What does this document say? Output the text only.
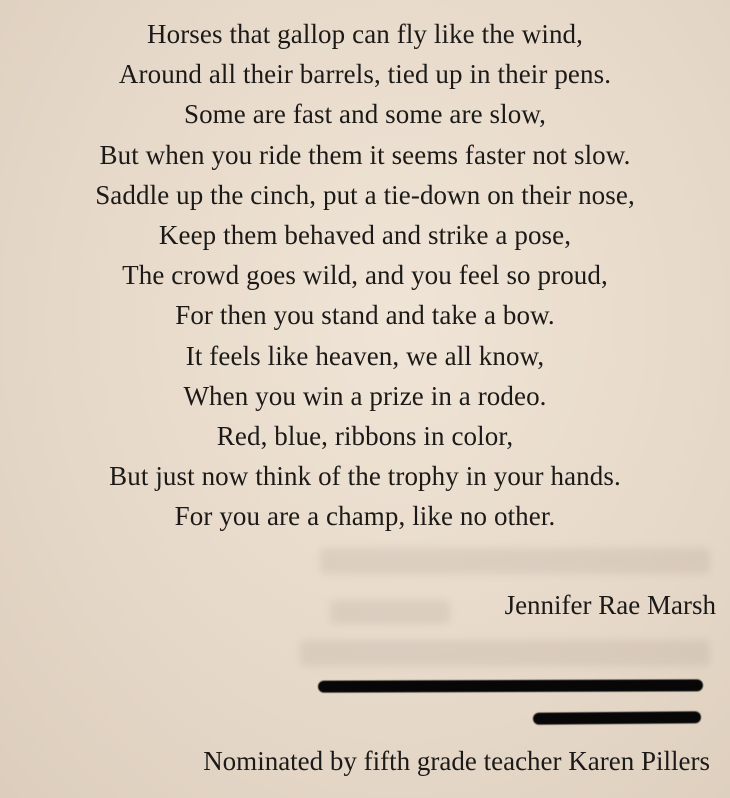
Horses that gallop can fly like the wind,
Around all their barrels, tied up in their pens.
Some are fast and some are slow,
But when you ride them it seems faster not slow.
Saddle up the cinch, put a tie-down on their nose,
Keep them behaved and strike a pose,
The crowd goes wild, and you feel so proud,
For then you stand and take a bow.
It feels like heaven, we all know,
When you win a prize in a rodeo.
Red, blue, ribbons in color,
But just now think of the trophy in your hands.
For you are a champ, like no other.
Jennifer Rae Marsh
Nominated by fifth grade teacher Karen Pillers
